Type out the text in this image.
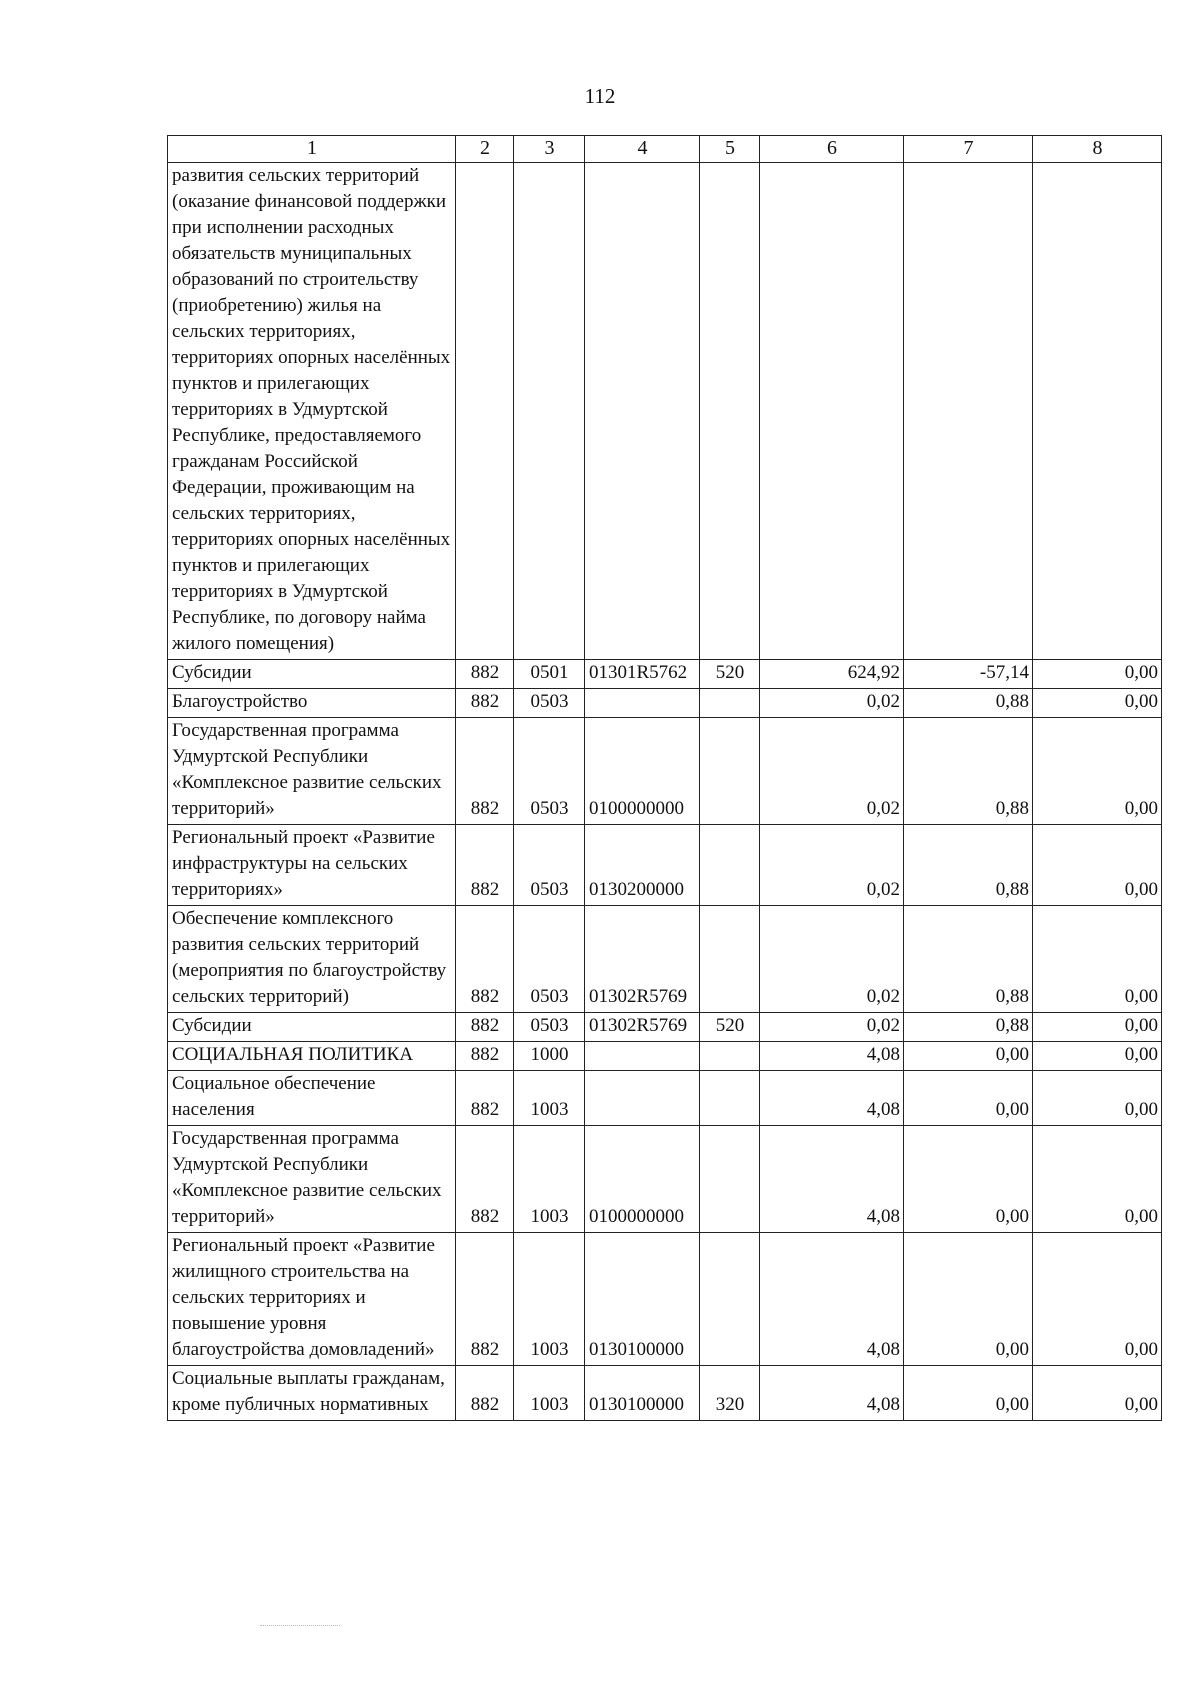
112
1	2	3	4	5	6	7	8
развития сельских территорий (оказание финансовой поддержки при исполнении расходных обязательств муниципальных образований по строительству (приобретению) жилья на сельских территориях, территориях опорных населённых пунктов и прилегающих территориях в Удмуртской Республике, предоставляемого гражданам Российской Федерации, проживающим на сельских территориях, территориях опорных населённых пунктов и прилегающих территориях в Удмуртской Республике, по договору найма жилого помещения)							
Субсидии	882	0501	01301R5762	520	624,92	-57,14	0,00
Благоустройство	882	0503			0,02	0,88	0,00
Государственная программа Удмуртской Республики «Комплексное развитие сельских территорий»	882	0503	0100000000		0,02	0,88	0,00
Региональный проект «Развитие инфраструктуры на сельских территориях»	882	0503	0130200000		0,02	0,88	0,00
Обеспечение комплексного развития сельских территорий (мероприятия по благоустройству сельских территорий)	882	0503	01302R5769		0,02	0,88	0,00
Субсидии	882	0503	01302R5769	520	0,02	0,88	0,00
СОЦИАЛЬНАЯ ПОЛИТИКА	882	1000			4,08	0,00	0,00
Социальное обеспечение населения	882	1003			4,08	0,00	0,00
Государственная программа Удмуртской Республики «Комплексное развитие сельских территорий»	882	1003	0100000000		4,08	0,00	0,00
Региональный проект «Развитие жилищного строительства на сельских территориях и повышение уровня благоустройства домовладений»	882	1003	0130100000		4,08	0,00	0,00
Социальные выплаты гражданам, кроме публичных нормативных	882	1003	0130100000	320	4,08	0,00	0,00
